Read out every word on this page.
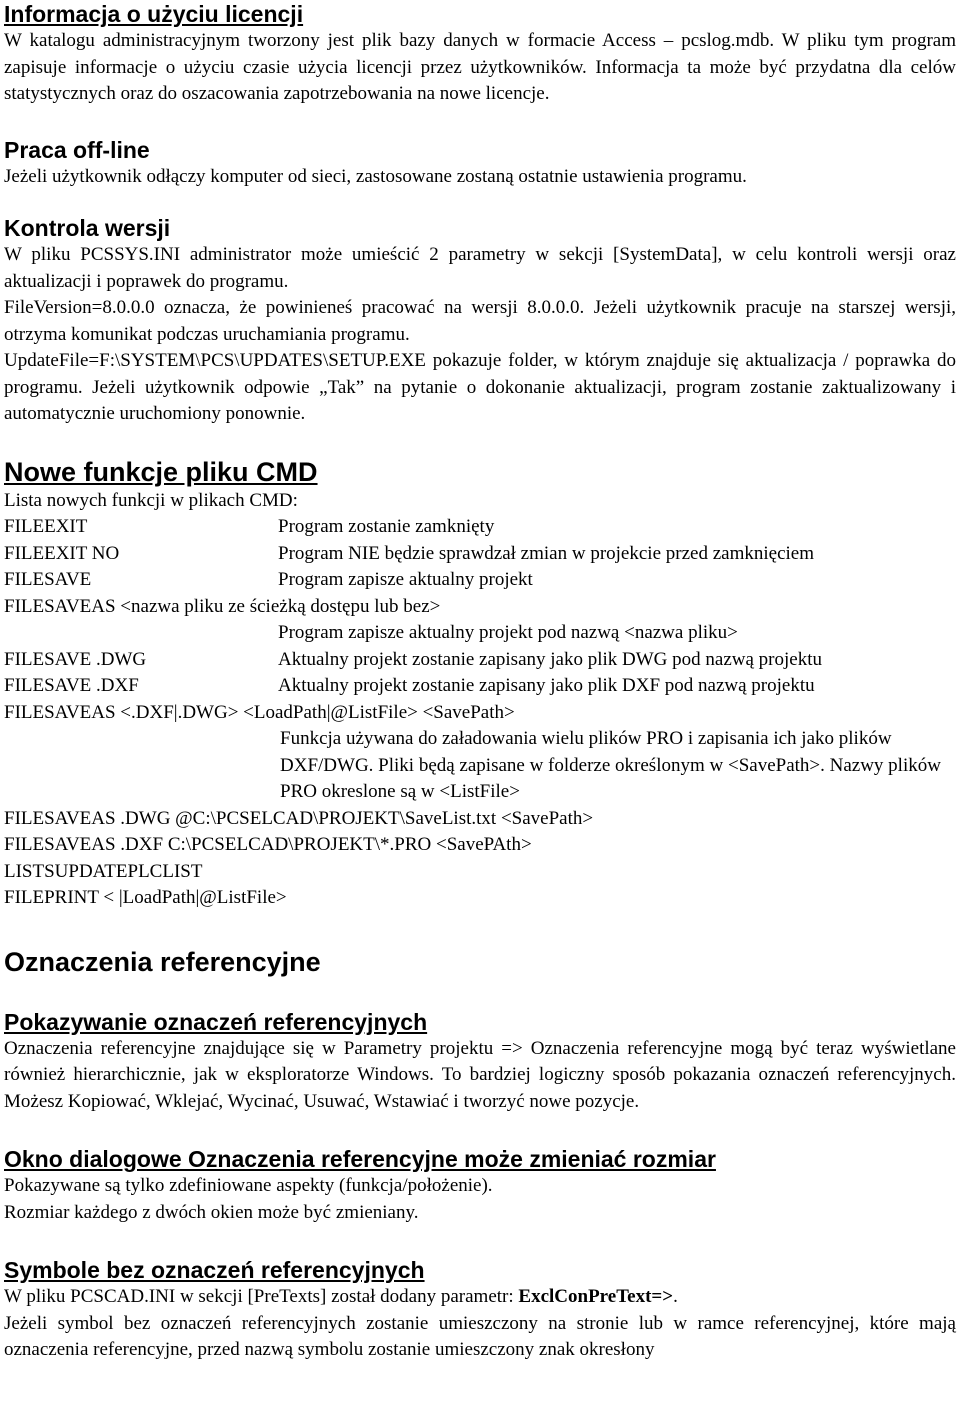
Informacja o użyciu licencji
W katalogu administracyjnym tworzony jest plik bazy danych w formacie Access – pcslog.mdb. W pliku tym program zapisuje informacje o użyciu czasie użycia licencji przez użytkowników. Informacja ta może być przydatna dla celów statystycznych oraz do oszacowania zapotrzebowania na nowe licencje.
Praca off-line
Jeżeli użytkownik odłączy komputer od sieci, zastosowane zostaną ostatnie ustawienia programu.
Kontrola wersji
W pliku PCSSYS.INI administrator może umieścić 2 parametry w sekcji [SystemData], w celu kontroli wersji oraz aktualizacji i poprawek do programu.
FileVersion=8.0.0.0 oznacza, że powinieneś pracować na wersji 8.0.0.0. Jeżeli użytkownik pracuje na starszej wersji, otrzyma komunikat podczas uruchamiania programu.
UpdateFile=F:\SYSTEM\PCS\UPDATES\SETUP.EXE pokazuje folder, w którym znajduje się aktualizacja / poprawka do programu. Jeżeli użytkownik odpowie „Tak” na pytanie o dokonanie aktualizacji, program zostanie zaktualizowany i automatycznie uruchomiony ponownie.
Nowe funkcje pliku CMD
Lista nowych funkcji w plikach CMD:
FILEEXIT	Program zostanie zamknięty
FILEEXIT NO	Program NIE będzie sprawdzał zmian w projekcie przed zamknięciem
FILESAVE	Program zapisze aktualny projekt
FILESAVEAS <nazwa pliku ze ścieżką dostępu lub bez>
Program zapisze aktualny projekt pod nazwą <nazwa pliku>
FILESAVE .DWG	Aktualny projekt zostanie zapisany jako plik DWG pod nazwą projektu
FILESAVE .DXF	Aktualny projekt zostanie zapisany jako plik DXF pod nazwą projektu
FILESAVEAS <.DXF|.DWG> <LoadPath|@ListFile> <SavePath>
Funkcja używana do załadowania wielu plików PRO i zapisania ich jako plików DXF/DWG. Pliki będą zapisane w folderze określonym w <SavePath>. Nazwy plików PRO okreslone są w <ListFile>
FILESAVEAS .DWG @C:\PCSELCAD\PROJEKT\SaveList.txt <SavePath>
FILESAVEAS .DXF C:\PCSELCAD\PROJEKT\*.PRO <SavePAth>
LISTSUPDATEPLCLIST
FILEPRINT < |LoadPath|@ListFile>
Oznaczenia referencyjne
Pokazywanie oznaczeń referencyjnych
Oznaczenia referencyjne znajdujące się w Parametry projektu => Oznaczenia referencyjne mogą być teraz wyświetlane również hierarchicznie, jak w eksploratorze Windows. To bardziej logiczny sposób pokazania oznaczeń referencyjnych. Możesz Kopiować, Wklejać, Wycinać, Usuwać, Wstawiać i tworzyć nowe pozycje.
Okno dialogowe Oznaczenia referencyjne może zmieniać rozmiar
Pokazywane są tylko zdefiniowane aspekty (funkcja/położenie).
Rozmiar każdego z dwóch okien może być zmieniany.
Symbole bez oznaczeń referencyjnych
W pliku PCSCAD.INI w sekcji [PreTexts] został dodany parametr: ExclConPreText=>.
Jeżeli symbol bez oznaczeń referencyjnych zostanie umieszczony na stronie lub w ramce referencyjnej, które mają oznaczenia referencyjne, przed nazwą symbolu zostanie umieszczony znak okresłony
